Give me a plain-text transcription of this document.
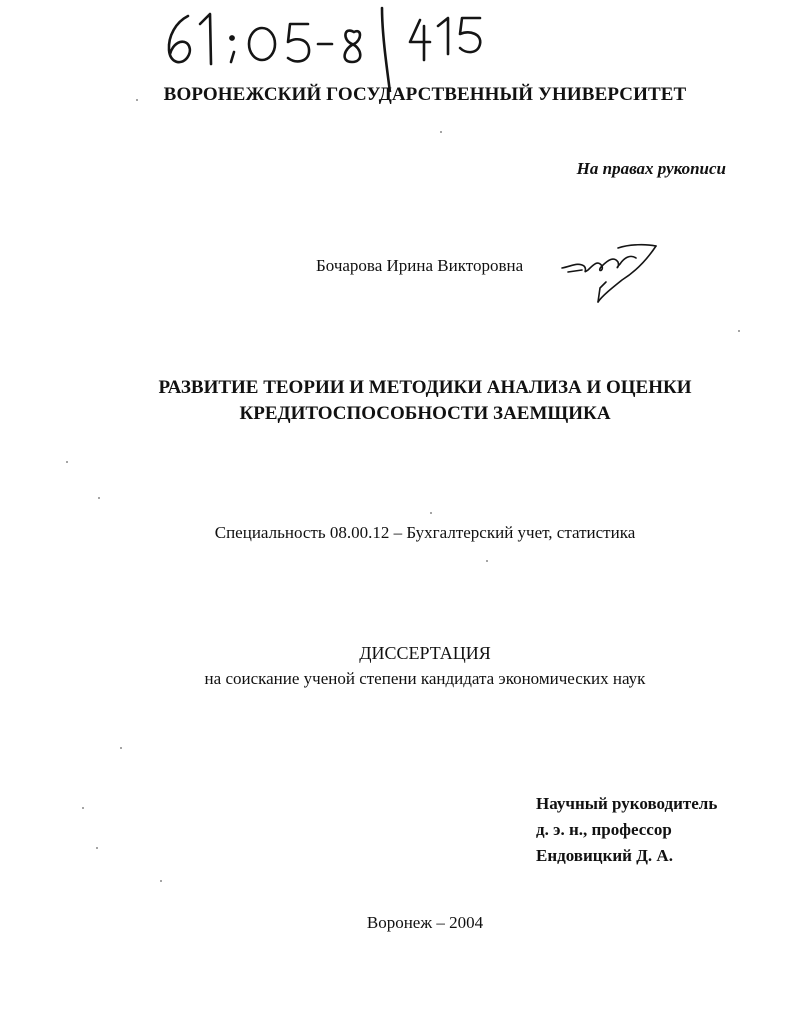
ВОРОНЕЖСКИЙ ГОСУДАРСТВЕННЫЙ УНИВЕРСИТЕТ
На правах рукописи
Бочарова Ирина Викторовна
РАЗВИТИЕ ТЕОРИИ И МЕТОДИКИ АНАЛИЗА И ОЦЕНКИ
КРЕДИТОСПОСОБНОСТИ ЗАЕМЩИКА
Специальность 08.00.12 – Бухгалтерский учет, статистика
ДИССЕРТАЦИЯ
на соискание ученой степени кандидата экономических наук
Научный руководитель
д. э. н., профессор
Ендовицкий Д. А.
Воронеж – 2004
